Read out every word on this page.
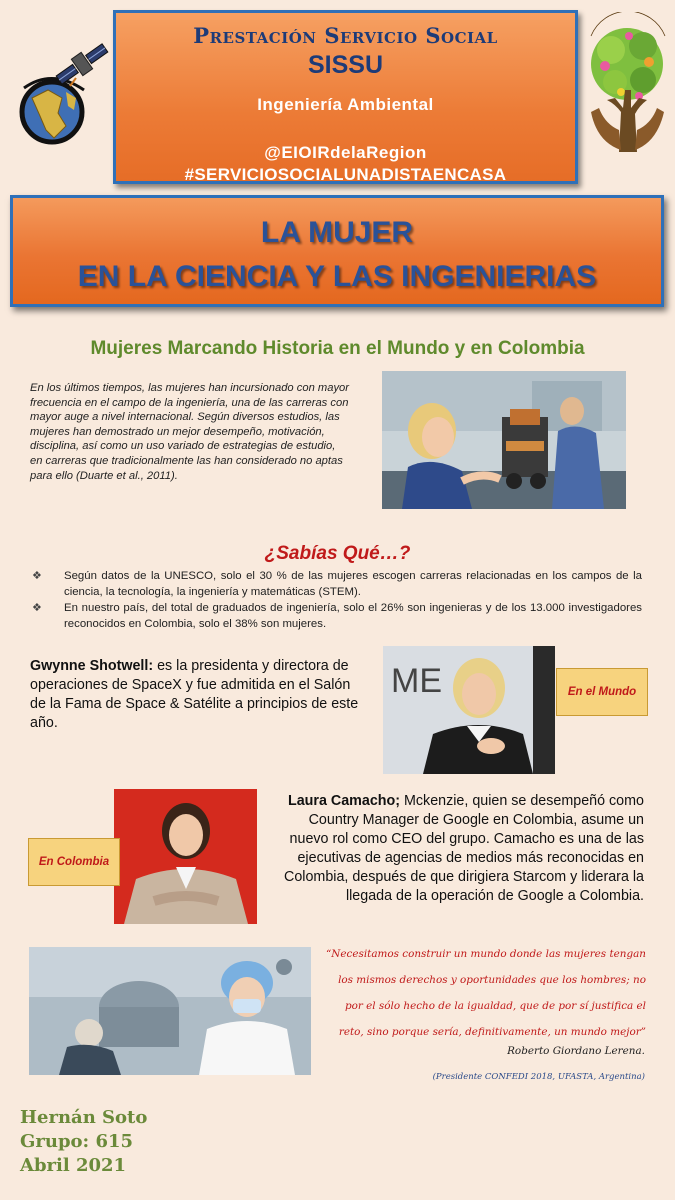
Prestación Servicio Social
SISSU
Ingeniería Ambiental
@EIOIRdelaRegion
#SERVICIOSOCIALUNADISTAENCASA
LA MUJER
EN LA CIENCIA Y LAS INGENIERIAS
Mujeres Marcando Historia en el Mundo y en Colombia
En los últimos tiempos, las mujeres han incursionado con mayor frecuencia en el campo de la ingeniería, una de las carreras con mayor auge a nivel internacional. Según diversos estudios, las mujeres han demostrado un mejor desempeño, motivación, disciplina, así como un uso variado de estrategias de estudio, en carreras que tradicionalmente las han considerado no aptas para ello (Duarte et al., 2011).
¿Sabías Qué…?
❖ Según datos de la UNESCO, solo el 30 % de las mujeres escogen carreras relacionadas en los campos de la ciencia, la tecnología, la ingeniería y matemáticas (STEM).
❖ En nuestro país, del total de graduados de ingeniería, solo el 26% son ingenieras y de los 13.000 investigadores reconocidos en Colombia, solo el 38% son mujeres.
Gwynne Shotwell: es la presidenta y directora de operaciones de SpaceX y fue admitida en el Salón de la Fama de Space & Satélite a principios de este año.
ME	En el Mundo
En Colombia
Laura Camacho; Mckenzie, quien se desempeñó como Country Manager de Google en Colombia, asume un nuevo rol como CEO del grupo. Camacho es una de las ejecutivas de agencias de medios más reconocidas en Colombia, después de que dirigiera Starcom y liderara la llegada de la operación de Google a Colombia.
“Necesitamos construir un mundo donde las mujeres tengan los mismos derechos y oportunidades que los hombres; no por el sólo hecho de la igualdad, que de por sí justifica el reto, sino porque sería, definitivamente, un mundo mejor”
Roberto Giordano Lerena.
(Presidente CONFEDI 2018, UFASTA, Argentina)
Hernán Soto
Grupo: 615
Abril 2021
